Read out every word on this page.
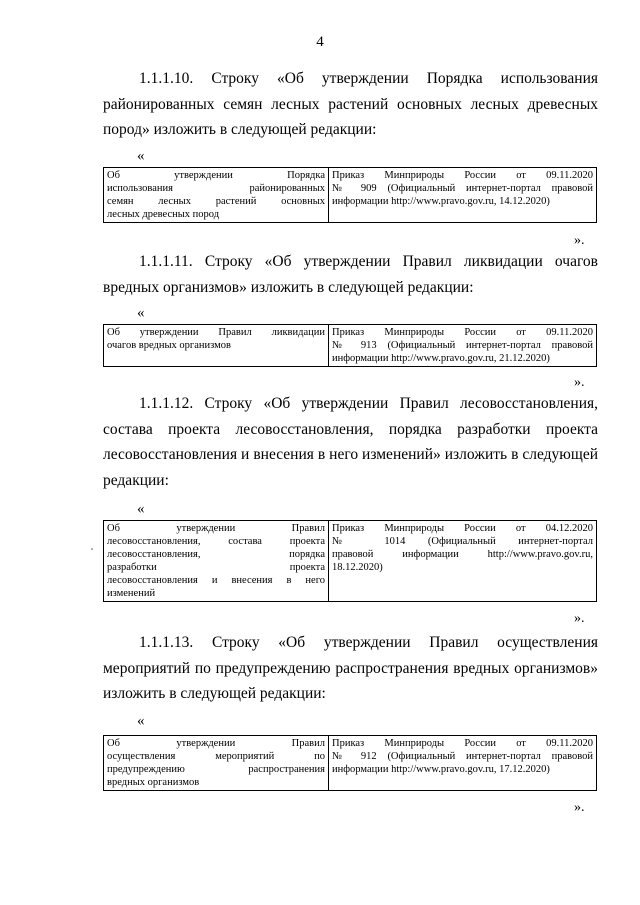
4

1.1.1.10. Строку «Об утверждении Порядка использования
районированных семян лесных растений основных лесных древесных
пород» изложить в следующей редакции:

«
Об утверждении Порядка
использования районированных
семян лесных растений основных
лесных древесных пород

Приказ Минприроды России от 09.11.2020
№ 909 (Официальный интернет-портал правовой
информации http://www.pravo.gov.ru, 14.12.2020)
».

1.1.1.11. Строку «Об утверждении Правил ликвидации очагов
вредных организмов» изложить в следующей редакции:

«
Об утверждении Правил ликвидации
очагов вредных организмов

Приказ Минприроды России от 09.11.2020
№ 913 (Официальный интернет-портал правовой
информации http://www.pravo.gov.ru, 21.12.2020)
».

1.1.1.12. Строку «Об утверждении Правил лесовосстановления,
состава проекта лесовосстановления, порядка разработки проекта
лесовосстановления и внесения в него изменений» изложить в следующей
редакции:

«
Об утверждении Правил
лесовосстановления, состава проекта
лесовосстановления, порядка
разработки проекта
лесовосстановления и внесения в него
изменений

Приказ Минприроды России от 04.12.2020
№ 1014 (Официальный интернет-портал
правовой информации http://www.pravo.gov.ru,
18.12.2020)
».

1.1.1.13. Строку «Об утверждении Правил осуществления
мероприятий по предупреждению распространения вредных организмов»
изложить в следующей редакции:

«
Об утверждении Правил
осуществления мероприятий по
предупреждению распространения
вредных организмов

Приказ Минприроды России от 09.11.2020
№ 912 (Официальный интернет-портал правовой
информации http://www.pravo.gov.ru, 17.12.2020)
».
